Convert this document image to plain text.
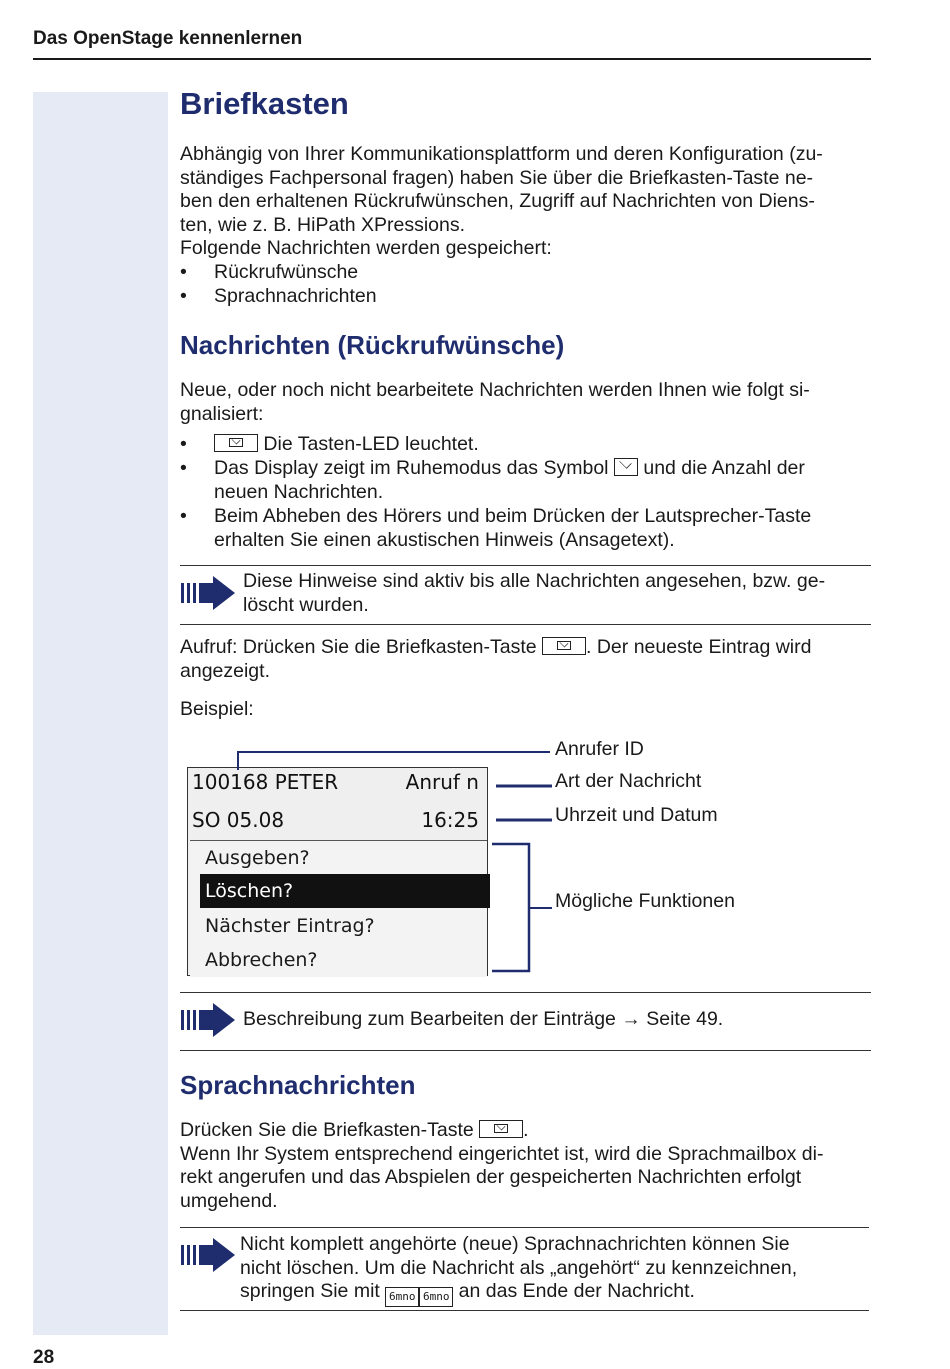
Das OpenStage kennenlernen
Briefkasten
Abhängig von Ihrer Kommunikationsplattform und deren Konfiguration (zu-
ständiges Fachpersonal fragen) haben Sie über die Briefkasten-Taste ne-
ben den erhaltenen Rückrufwünschen, Zugriff auf Nachrichten von Diens-
ten, wie z. B. HiPath XPressions.
Folgende Nachrichten werden gespeichert:
• Rückrufwünsche
• Sprachnachrichten
Nachrichten (Rückrufwünsche)
Neue, oder noch nicht bearbeitete Nachrichten werden Ihnen wie folgt si-
gnalisiert:
•	Die Tasten-LED leuchtet.
• Das Display zeigt im Ruhemodus das Symbol und die Anzahl der
neuen Nachrichten.
• Beim Abheben des Hörers und beim Drücken der Lautsprecher-Taste
erhalten Sie einen akustischen Hinweis (Ansagetext).
Diese Hinweise sind aktiv bis alle Nachrichten angesehen, bzw. ge-
löscht wurden.
Aufruf: Drücken Sie die Briefkasten-Taste	. Der neueste Eintrag wird
angezeigt.
Beispiel:
100168 PETER	Anruf n
SO 05.08	16:25
Ausgeben?
Löschen?
Nächster Eintrag?
Abbrechen?
Anrufer ID
Art der Nachricht
Uhrzeit und Datum
Mögliche Funktionen
Beschreibung zum Bearbeiten der Einträge → Seite 49.
Sprachnachrichten
Drücken Sie die Briefkasten-Taste	.
Wenn Ihr System entsprechend eingerichtet ist, wird die Sprachmailbox di-
rekt angerufen und das Abspielen der gespeicherten Nachrichten erfolgt
umgehend.
Nicht komplett angehörte (neue) Sprachnachrichten können Sie
nicht löschen. Um die Nachricht als „angehört“ zu kennzeichnen,
springen Sie mit 6mno 6mno an das Ende der Nachricht.
28
